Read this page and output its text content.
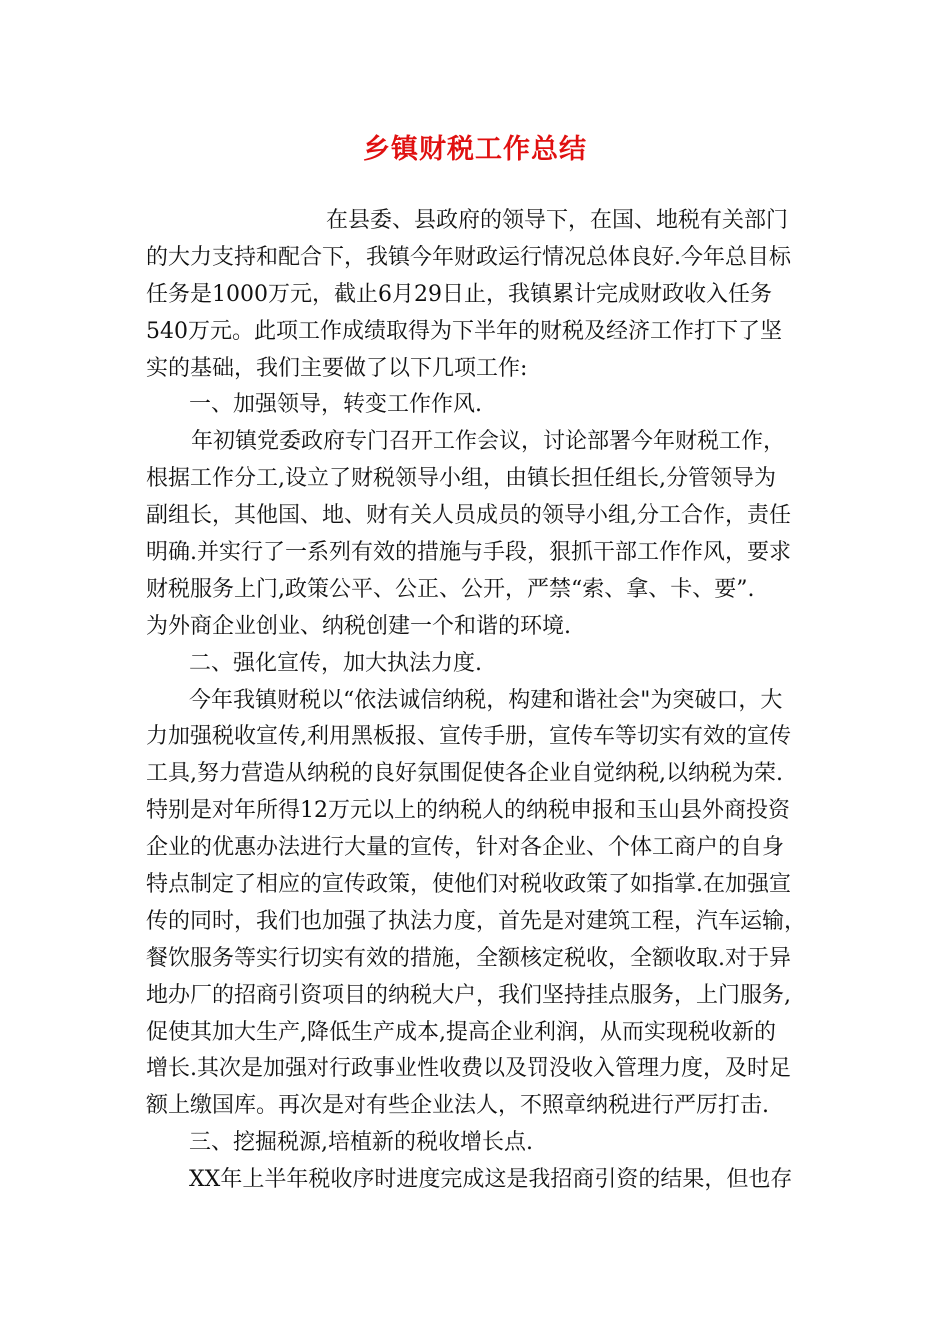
乡镇财税工作总结
在县委、县政府的领导下，在国、地税有关部门
的大力支持和配合下，我镇今年财政运行情况总体良好.今年总目标
任务是1000万元，截止6月29日止，我镇累计完成财政收入任务
540万元。此项工作成绩取得为下半年的财税及经济工作打下了坚
实的基础，我们主要做了以下几项工作:
一、加强领导，转变工作作风.
年初镇党委政府专门召开工作会议，讨论部署今年财税工作，
根据工作分工,设立了财税领导小组，由镇长担任组长,分管领导为
副组长，其他国、地、财有关人员成员的领导小组,分工合作，责任
明确.并实行了一系列有效的措施与手段，狠抓干部工作作风，要求
财税服务上门,政策公平、公正、公开，严禁“索、拿、卡、要”.
为外商企业创业、纳税创建一个和谐的环境.
二、强化宣传，加大执法力度.
今年我镇财税以“依法诚信纳税，构建和谐社会"为突破口，大
力加强税收宣传,利用黑板报、宣传手册，宣传车等切实有效的宣传
工具,努力营造从纳税的良好氛围促使各企业自觉纳税,以纳税为荣.
特别是对年所得12万元以上的纳税人的纳税申报和玉山县外商投资
企业的优惠办法进行大量的宣传，针对各企业、个体工商户的自身
特点制定了相应的宣传政策，使他们对税收政策了如指掌.在加强宣
传的同时，我们也加强了执法力度，首先是对建筑工程，汽车运输，
餐饮服务等实行切实有效的措施，全额核定税收，全额收取.对于异
地办厂的招商引资项目的纳税大户，我们坚持挂点服务，上门服务,
促使其加大生产,降低生产成本,提高企业利润，从而实现税收新的
增长.其次是加强对行政事业性收费以及罚没收入管理力度，及时足
额上缴国库。再次是对有些企业法人，不照章纳税进行严厉打击.
三、挖掘税源,培植新的税收增长点.
XX年上半年税收序时进度完成这是我招商引资的结果，但也存
